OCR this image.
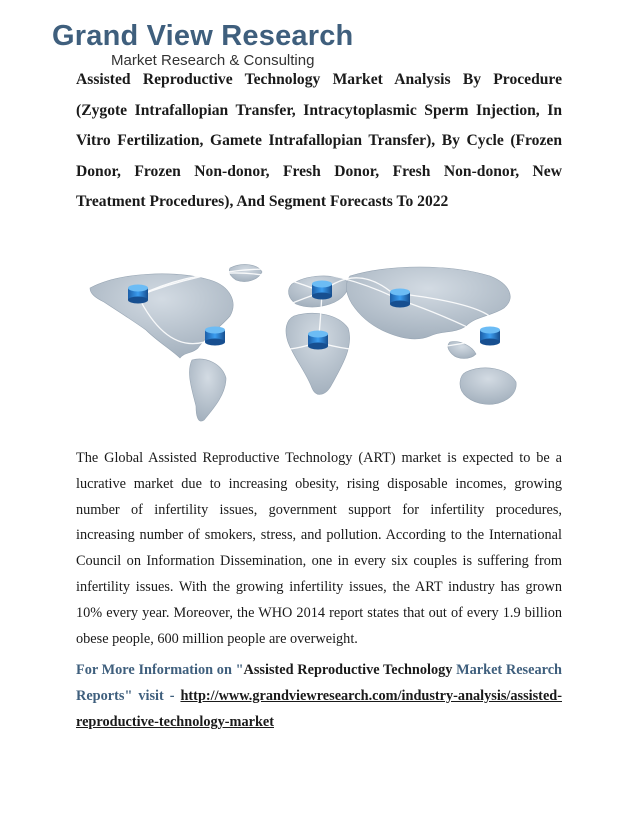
Grand View Research
Market Research & Consulting
Assisted Reproductive Technology Market Analysis By Procedure (Zygote Intrafallopian Transfer, Intracytoplasmic Sperm Injection, In Vitro Fertilization, Gamete Intrafallopian Transfer), By Cycle (Frozen Donor, Frozen Non-donor, Fresh Donor, Fresh Non-donor, New Treatment Procedures), And Segment Forecasts To 2022

The Global Assisted Reproductive Technology (ART) market is expected to be a lucrative market due to increasing obesity, rising disposable incomes, growing number of infertility issues, government support for infertility procedures, increasing number of smokers, stress, and pollution. According to the International Council on Information Dissemination, one in every six couples is suffering from infertility issues. With the growing infertility issues, the ART industry has grown 10% every year. Moreover, the WHO 2014 report states that out of every 1.9 billion obese people, 600 million people are overweight.

For More Information on "Assisted Reproductive Technology Market Research Reports" visit - http://www.grandviewresearch.com/industry-analysis/assisted-reproductive-technology-market
